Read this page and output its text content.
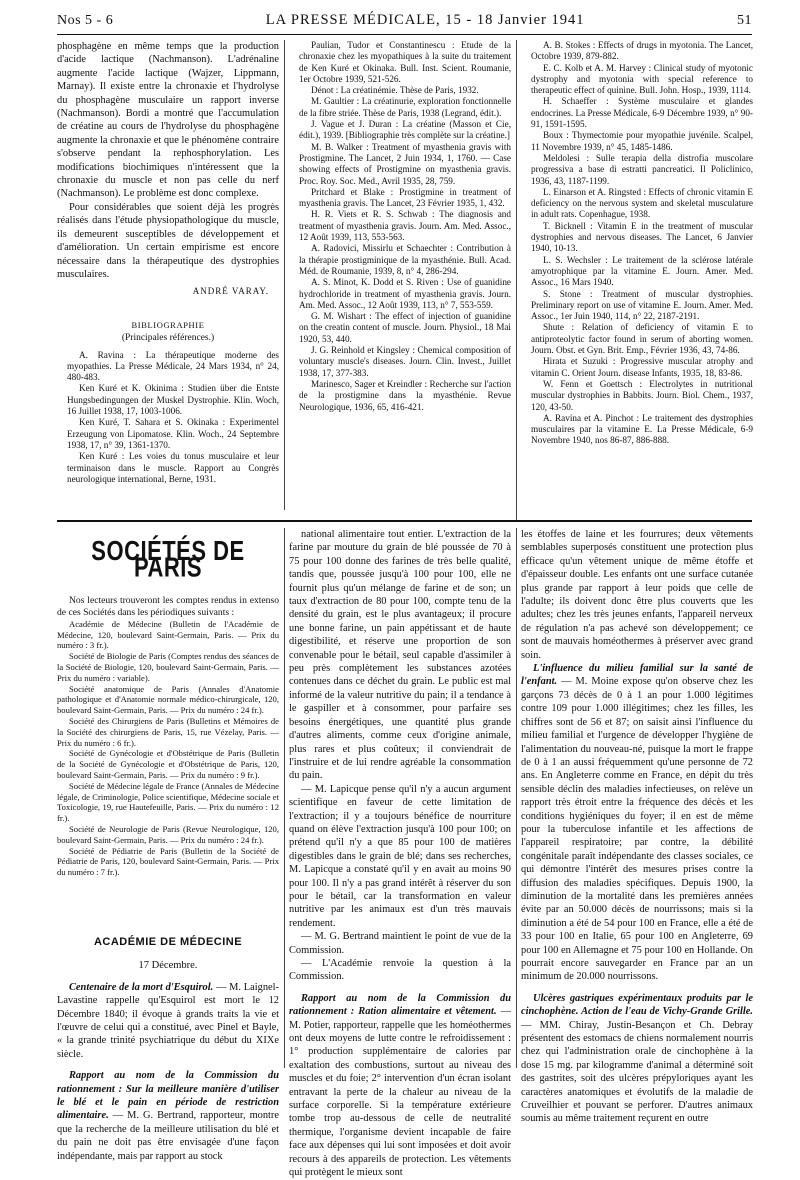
Nos 5 - 6	LA PRESSE MÉDICALE, 15 - 18 Janvier 1941	51

phosphagène en même temps que la production d'acide lactique (Nachmanson). L'adrénaline augmente l'acide lactique (Wajzer, Lippmann, Marnay). Il existe entre la chronaxie et l'hydrolyse du phosphagène musculaire un rapport inverse (Nachmanson). Bordi a montré que l'accumulation de créatine au cours de l'hydrolyse du phosphagène augmente la chronaxie et que le phénomène contraire s'observe pendant la rephosphorylation. Les modifications biochimiques n'intéressent que la chronaxie du muscle et non pas celle du nerf (Nachmanson). Le problème est donc complexe.

Pour considérables que soient déjà les progrès réalisés dans l'étude physiopathologique du muscle, ils demeurent susceptibles de développement et d'amélioration. Un certain empirisme est encore nécessaire dans la thérapeutique des dystrophies musculaires.

ANDRÉ VARAY.
BIBLIOGRAPHIE
(Principales références.)

A. Ravina : La thérapeutique moderne des myopathies. La Presse Médicale, 24 Mars 1934, n° 24, 480-483.

Ken Kuré et K. Okinima : Studien über die Entste Hungsbedingungen der Muskel Dystrophie. Klin. Woch, 16 Juillet 1938, 17, 1003-1006.

Ken Kuré, T. Sahara et S. Okinaka : Experimentel Erzeugung von Lipomatose. Klin. Woch., 24 Septembre 1938, 17, n° 39, 1361-1370.

Ken Kuré : Les voies du tonus musculaire et leur terminaison dans le muscle. Rapport au Congrès neurologique international, Berne, 1931.

Paulian, Tudor et Constantinescu : Etude de la chronaxie chez les myopathiques à la suite du traitement de Ken Kuré et Okinaka. Bull. Inst. Scient. Roumanie, 1er Octobre 1939, 521-526.

Dénot : La créatinémie. Thèse de Paris, 1932.

M. Gaultier : La créatinurie, exploration fonctionnelle de la fibre striée. Thèse de Paris, 1938 (Legrand, édit.).

J. Vague et J. Duran : La créatine (Masson et Cie, édit.), 1939. [Bibliographie très complète sur la créatine.]

M. B. Walker : Treatment of myasthenia gravis with Prostigmine. The Lancet, 2 Juin 1934, 1, 1760. — Case showing effects of Prostigmine on myasthenia gravis. Proc. Roy. Soc. Med., Avril 1935, 28, 759.

Pritchard et Blake : Prostigmine in treatment of myasthenia gravis. The Lancet, 23 Février 1935, 1, 432.

H. R. Viets et R. S. Schwab : The diagnosis and treatment of myasthenia gravis. Journ. Am. Med. Assoc., 12 Août 1939, 113, 553-563.

A. Radovici, Missirlu et Schaechter : Contribution à la thérapie prostigminique de la myasthénie. Bull. Acad. Méd. de Roumanie, 1939, 8, n° 4, 286-294.

A. S. Minot, K. Dodd et S. Riven : Use of guanidine hydrochloride in treatment of myasthenia gravis. Journ. Am. Med. Assoc., 12 Août 1939, 113, n° 7, 553-559.

G. M. Wishart : The effect of injection of guanidine on the creatin content of muscle. Journ. Physiol., 18 Mai 1920, 53, 440.

J. G. Reinhold et Kingsley : Chemical composition of voluntary muscle's diseases. Journ. Clin. Invest., Juillet 1938, 17, 377-383.

Marinesco, Sager et Kreindler : Recherche sur l'action de la prostigmine dans la myasthénie. Revue Neurologique, 1936, 65, 416-421.

A. B. Stokes : Effects of drugs in myotonia. The Lancet, Octobre 1939, 879-882.

E. C. Kolb et A. M. Harvey : Clinical study of myotonic dystrophy and myotonia with special reference to therapeutic effect of quinine. Bull. John. Hosp., 1939, 1114.

H. Schaeffer : Système musculaire et glandes endocrines. La Presse Médicale, 6-9 Décembre 1939, n° 90-91, 1591-1595.

Boux : Thymectomie pour myopathie juvénile. Scalpel, 11 Novembre 1939, n° 45, 1485-1486.

Meldolesi : Sulle terapia della distrofia muscolare progressiva a base di estratti pancreatici. Il Policlinico, 1936, 43, 1187-1199.

L. Einarson et A. Ringsted : Effects of chronic vitamin E deficiency on the nervous system and skeletal musculature in adult rats. Copenhague, 1938.

T. Bicknell : Vitamin E in the treatment of muscular dystrophies and nervous diseases. The Lancet, 6 Janvier 1940, 10-13.

L. S. Wechsler : Le traitement de la sclérose latérale amyotrophique par la vitamine E. Journ. Amer. Med. Assoc., 16 Mars 1940.

S. Stone : Treatment of muscular dystrophies. Preliminary report on use of vitamine E. Journ. Amer. Med. Assoc., 1er Juin 1940, 114, n° 22, 2187-2191.

Shute : Relation of deficiency of vitamin E to antiproteolytic factor found in serum of aborting women. Journ. Obst. et Gyn. Brit. Emp., Février 1936, 43, 74-86.

Hirata et Suzuki : Progressive muscular atrophy and vitamin C. Orient Journ. disease Infants, 1935, 18, 83-86.

W. Fenn et Goettsch : Electrolytes in nutritional muscular dystrophies in Babbits. Journ. Biol. Chem., 1937, 120, 43-50.

A. Ravina et A. Pinchot : Le traitement des dystrophies musculaires par la vitamine E. La Presse Médicale, 6-9 Novembre 1940, nos 86-87, 886-888.

SOCIÉTÉS DE PARIS

Nos lecteurs trouveront les comptes rendus in extenso de ces Sociétés dans les périodiques suivants :

Académie de Médecine (Bulletin de l'Académie de Médecine, 120, boulevard Saint-Germain, Paris. — Prix du numéro : 3 fr.).

Société de Biologie de Paris (Comptes rendus des séances de la Société de Biologie, 120, boulevard Saint-Germain, Paris. — Prix du numéro : variable).

Société anatomique de Paris (Annales d'Anatomie pathologique et d'Anatomie normale médico-chirurgicale, 120, boulevard Saint-Germain, Paris. — Prix du numéro : 24 fr.).

Société des Chirurgiens de Paris (Bulletins et Mémoires de la Société des chirurgiens de Paris, 15, rue Vézelay, Paris. — Prix du numéro : 6 fr.).

Société de Gynécologie et d'Obstétrique de Paris (Bulletin de la Société de Gynécologie et d'Obstétrique de Paris, 120, boulevard Saint-Germain, Paris. — Prix du numéro : 9 fr.).

Société de Médecine légale de France (Annales de Médecine légale, de Criminologie, Police scientifique, Médecine sociale et Toxicologie, 19, rue Hautefeuille, Paris. — Prix du numéro : 12 fr.).

Société de Neurologie de Paris (Revue Neurologique, 120, boulevard Saint-Germain, Paris. — Prix du numéro : 24 fr.).

Société de Pédiatrie de Paris (Bulletin de la Société de Pédiatrie de Paris, 120, boulevard Saint-Germain, Paris. — Prix du numéro : 7 fr.).

ACADÉMIE DE MÉDECINE
17 Décembre.

Centenaire de la mort d'Esquirol. — M. Laignel-Lavastine rappelle qu'Esquirol est mort le 12 Décembre 1840; il évoque à grands traits la vie et l'œuvre de celui qui a constitué, avec Pinel et Bayle, « la grande trinité psychiatrique du début du XIXe siècle.

Rapport au nom de la Commission du rationnement : Sur la meilleure manière d'utiliser le blé et le pain en période de restriction alimentaire. — M. G. Bertrand, rapporteur, montre que la recherche de la meilleure utilisation du blé et du pain ne doit pas être envisagée d'une façon indépendante, mais par rapport au stock

national alimentaire tout entier. L'extraction de la farine par mouture du grain de blé poussée de 70 à 75 pour 100 donne des farines de très belle qualité, tandis que, poussée jusqu'à 100 pour 100, elle ne fournit plus qu'un mélange de farine et de son; un taux d'extraction de 80 pour 100, compte tenu de la densité du grain, est le plus avantageux; il procure une bonne farine, un pain appétissant et de haute digestibilité, et réserve une proportion de son convenable pour le bétail, seul capable d'assimiler à peu près complètement les substances azotées contenues dans ce déchet du grain. Le public est mal informé de la valeur nutritive du pain; il a tendance à le gaspiller et à consommer, pour parfaire ses besoins énergétiques, une quantité plus grande d'autres aliments, comme ceux d'origine animale, plus rares et plus coûteux; il conviendrait de l'instruire et de lui rendre agréable la consommation du pain.

— M. Lapicque pense qu'il n'y a aucun argument scientifique en faveur de cette limitation de l'extraction; il y a toujours bénéfice de nourriture quand on élève l'extraction jusqu'à 100 pour 100; on prétend qu'il n'y a que 85 pour 100 de matières digestibles dans le grain de blé; dans ses recherches, M. Lapicque a constaté qu'il y en avait au moins 90 pour 100. Il n'y a pas grand intérêt à réserver du son pour le bétail, car la transformation en valeur nutritive par les animaux est d'un très mauvais rendement.

— M. G. Bertrand maintient le point de vue de la Commission.

— L'Académie renvoie la question à la Commission.

Rapport au nom de la Commission du rationnement : Ration alimentaire et vêtement. — M. Potier, rapporteur, rappelle que les homéothermes ont deux moyens de lutte contre le refroidissement : 1° production supplémentaire de calories par exaltation des combustions, surtout au niveau des muscles et du foie; 2° intervention d'un écran isolant entravant la perte de la chaleur au niveau de la surface corporelle. Si la température extérieure tombe trop au-dessous de celle de neutralité thermique, l'organisme devient incapable de faire face aux dépenses qui lui sont imposées et doit avoir recours à des appareils de protection. Les vêtements qui protègent le mieux sont

les étoffes de laine et les fourrures; deux vêtements semblables superposés constituent une protection plus efficace qu'un vêtement unique de même étoffe et d'épaisseur double. Les enfants ont une surface cutanée plus grande par rapport à leur poids que celle de l'adulte; ils doivent donc être plus couverts que les adultes; chez les très jeunes enfants, l'appareil nerveux de régulation n'a pas achevé son développement; ce sont de mauvais homéothermes à préserver avec grand soin.

L'influence du milieu familial sur la santé de l'enfant. — M. Moine expose qu'on observe chez les garçons 73 décès de 0 à 1 an pour 1.000 légitimes contre 109 pour 1.000 illégitimes; chez les filles, les chiffres sont de 56 et 87; on saisit ainsi l'influence du milieu familial et l'urgence de développer l'hygiène de l'alimentation du nouveau-né, puisque la mort le frappe de 0 à 1 an aussi fréquemment qu'une personne de 72 ans. En Angleterre comme en France, en dépit du très sensible déclin des maladies infectieuses, on relève un rapport très étroit entre la fréquence des décès et les conditions hygiéniques du foyer; il en est de même pour la tuberculose infantile et les affections de l'appareil respiratoire; par contre, la débilité congénitale paraît indépendante des classes sociales, ce qui démontre l'intérêt des mesures prises contre la diffusion des maladies spécifiques. Depuis 1900, la diminution de la mortalité dans les premières années évite par an 50.000 décès de nourrissons; mais si la diminution a été de 54 pour 100 en France, elle a été de 33 pour 100 en Italie, 65 pour 100 en Angleterre, 69 pour 100 en Allemagne et 75 pour 100 en Hollande. On pourrait encore sauvegarder en France par an un minimum de 20.000 nourrissons.

Ulcères gastriques expérimentaux produits par le cinchophène. Action de l'eau de Vichy-Grande Grille. — MM. Chiray, Justin-Besançon et Ch. Debray présentent des estomacs de chiens normalement nourris chez qui l'administration orale de cinchophène à la dose 15 mg. par kilogramme d'animal a déterminé soit des gastrites, soit des ulcères prépyloriques ayant les caractères anatomiques et évolutifs de la maladie de Cruveilhier et pouvant se perforer. D'autres animaux soumis au même traitement reçurent en outre
